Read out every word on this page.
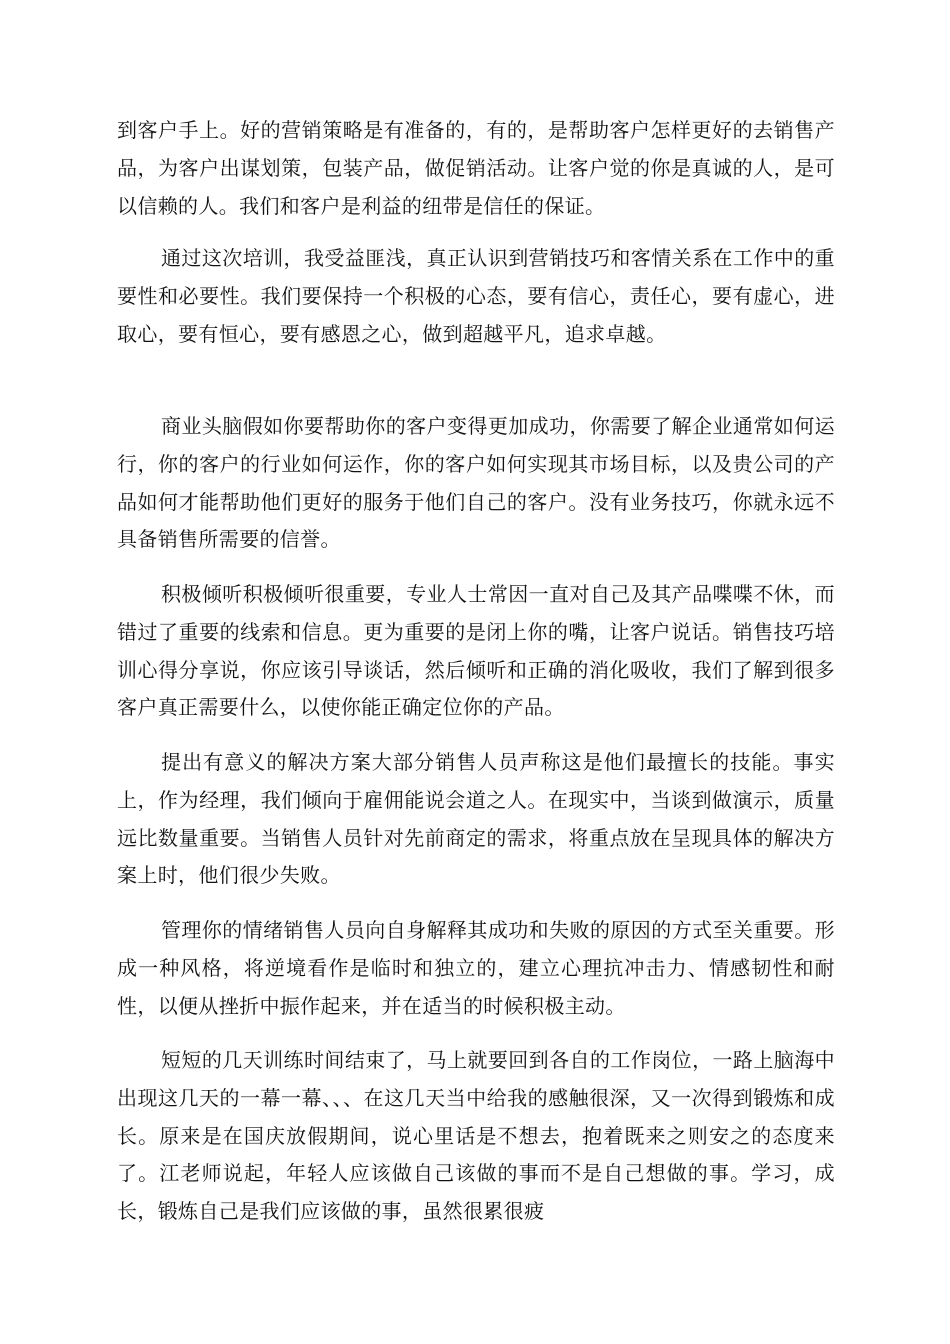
到客户手上。好的营销策略是有准备的，有的，是帮助客户怎样更好的去销售产品，为客户出谋划策，包装产品，做促销活动。让客户觉的你是真诚的人，是可以信赖的人。我们和客户是利益的纽带是信任的保证。

通过这次培训，我受益匪浅，真正认识到营销技巧和客情关系在工作中的重要性和必要性。我们要保持一个积极的心态，要有信心，责任心，要有虚心，进取心，要有恒心，要有感恩之心，做到超越平凡，追求卓越。

商业头脑假如你要帮助你的客户变得更加成功，你需要了解企业通常如何运行，你的客户的行业如何运作，你的客户如何实现其市场目标，以及贵公司的产品如何才能帮助他们更好的服务于他们自己的客户。没有业务技巧，你就永远不具备销售所需要的信誉。

积极倾听积极倾听很重要，专业人士常因一直对自己及其产品喋喋不休，而错过了重要的线索和信息。更为重要的是闭上你的嘴，让客户说话。销售技巧培训心得分享说，你应该引导谈话，然后倾听和正确的消化吸收，我们了解到很多客户真正需要什么，以使你能正确定位你的产品。

提出有意义的解决方案大部分销售人员声称这是他们最擅长的技能。事实上，作为经理，我们倾向于雇佣能说会道之人。在现实中，当谈到做演示，质量远比数量重要。当销售人员针对先前商定的需求，将重点放在呈现具体的解决方案上时，他们很少失败。

管理你的情绪销售人员向自身解释其成功和失败的原因的方式至关重要。形成一种风格，将逆境看作是临时和独立的，建立心理抗冲击力、情感韧性和耐性，以便从挫折中振作起来，并在适当的时候积极主动。

短短的几天训练时间结束了，马上就要回到各自的工作岗位，一路上脑海中出现这几天的一幕一幕、、、在这几天当中给我的感触很深，又一次得到锻炼和成长。原来是在国庆放假期间，说心里话是不想去，抱着既来之则安之的态度来了。江老师说起，年轻人应该做自己该做的事而不是自己想做的事。学习，成长，锻炼自己是我们应该做的事，虽然很累很疲
